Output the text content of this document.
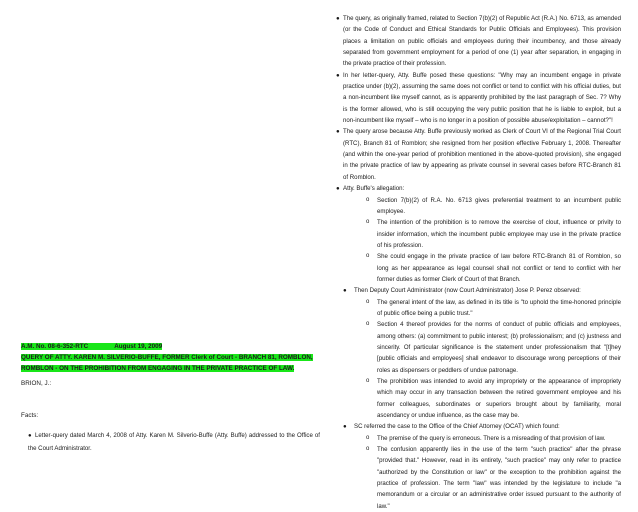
A.M. No. 08-6-352-RTC	August 19, 2009
QUERY OF ATTY. KAREN M. SILVERIO-BUFFE, FORMER Clerk of Court - BRANCH 81, ROMBLON,
ROMBLON - ON THE PROHIBITION FROM ENGAGING IN THE PRIVATE PRACTICE OF LAW.
BRION, J.:
Facts:
● Letter-query dated March 4, 2008 of Atty. Karen M. Silverio-Buffe (Atty. Buffe) addressed to the Office of the Court Administrator.
● The query, as originally framed, related to Section 7(b)(2) of Republic Act (R.A.) No. 6713, as amended (or the Code of Conduct and Ethical Standards for Public Officials and Employees). This provision places a limitation on public officials and employees during their incumbency, and those already separated from government employment for a period of one (1) year after separation, in engaging in the private practice of their profession.
● In her letter-query, Atty. Buffe posed these questions: "Why may an incumbent engage in private practice under (b)(2), assuming the same does not conflict or tend to conflict with his official duties, but a non-incumbent like myself cannot, as is apparently prohibited by the last paragraph of Sec. 7? Why is the former allowed, who is still occupying the very public position that he is liable to exploit, but a non-incumbent like myself – who is no longer in a position of possible abuse/exploitation – cannot?"!
● The query arose because Atty. Buffe previously worked as Clerk of Court VI of the Regional Trial Court (RTC), Branch 81 of Romblon; she resigned from her position effective February 1, 2008. Thereafter (and within the one-year period of prohibition mentioned in the above-quoted provision), she engaged in the private practice of law by appearing as private counsel in several cases before RTC-Branch 81 of Romblon.
● Atty. Buffe's allegation:
o Section 7(b)(2) of R.A. No. 6713 gives preferential treatment to an incumbent public employee.
o The intention of the prohibition is to remove the exercise of clout, influence or privity to insider information, which the incumbent public employee may use in the private practice of his profession.
o She could engage in the private practice of law before RTC-Branch 81 of Romblon, so long as her appearance as legal counsel shall not conflict or tend to conflict with her former duties as former Clerk of Court of that Branch.
● Then Deputy Court Administrator (now Court Administrator) Jose P. Perez observed:
o The general intent of the law, as defined in its title is "to uphold the time-honored principle of public office being a public trust."
o Section 4 thereof provides for the norms of conduct of public officials and employees, among others: (a) commitment to public interest; (b) professionalism; and (c) justness and sincerity. Of particular significance is the statement under professionalism that "[t]hey [public officials and employees] shall endeavor to discourage wrong perceptions of their roles as dispensers or peddlers of undue patronage.
o The prohibition was intended to avoid any impropriety or the appearance of impropriety which may occur in any transaction between the retired government employee and his former colleagues, subordinates or superiors brought about by familiarity, moral ascendancy or undue influence, as the case may be.
● SC referred the case to the Office of the Chief Attorney (OCAT) which found:
o The premise of the query is erroneous. There is a misreading of that provision of law.
o The confusion apparently lies in the use of the term "such practice" after the phrase "provided that." However, read in its entirety, "such practice" may only refer to practice "authorized by the Constitution or law" or the exception to the prohibition against the practice of profession. The term "law" was intended by the legislature to include "a memorandum or a circular or an administrative order issued pursuant to the authority of law."
